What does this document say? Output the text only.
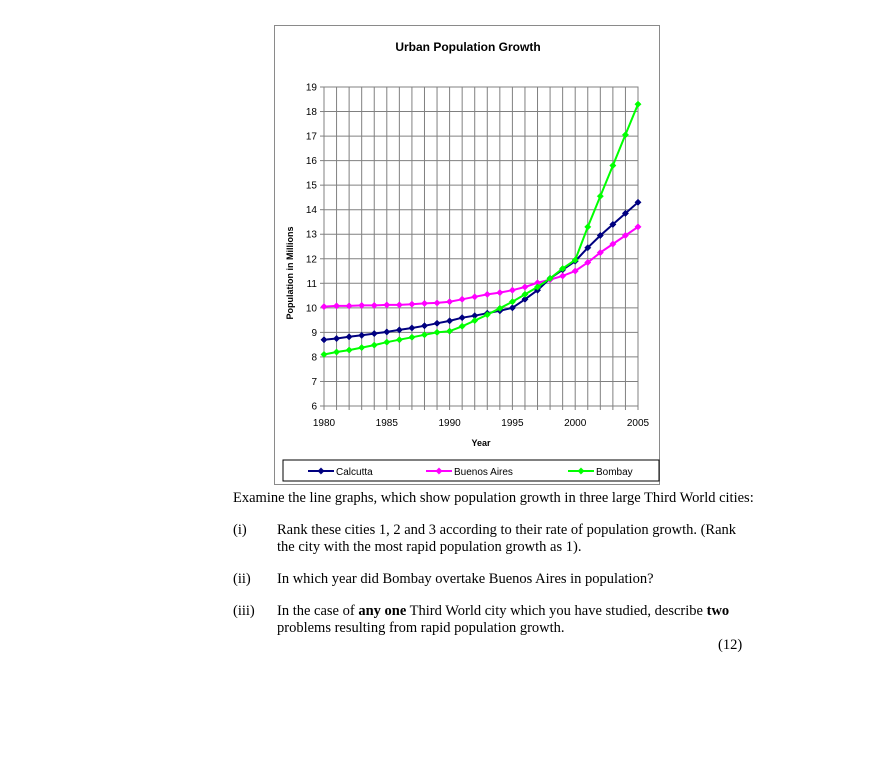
Urban Population Growth
6
7
8
9
10
11
12
13
14
15
16
17
18
19
1980	1985	1990	1995	2000	2005
Population in Millions
Year
Calcutta	Buenos Aires	Bombay
Examine the line graphs, which show population growth in three large Third World cities:
(i) Rank these cities 1, 2 and 3 according to their rate of population growth. (Rank the city with the most rapid population growth as 1).
(ii) In which year did Bombay overtake Buenos Aires in population?
(iii) In the case of any one Third World city which you have studied, describe two problems resulting from rapid population growth.
(12)
